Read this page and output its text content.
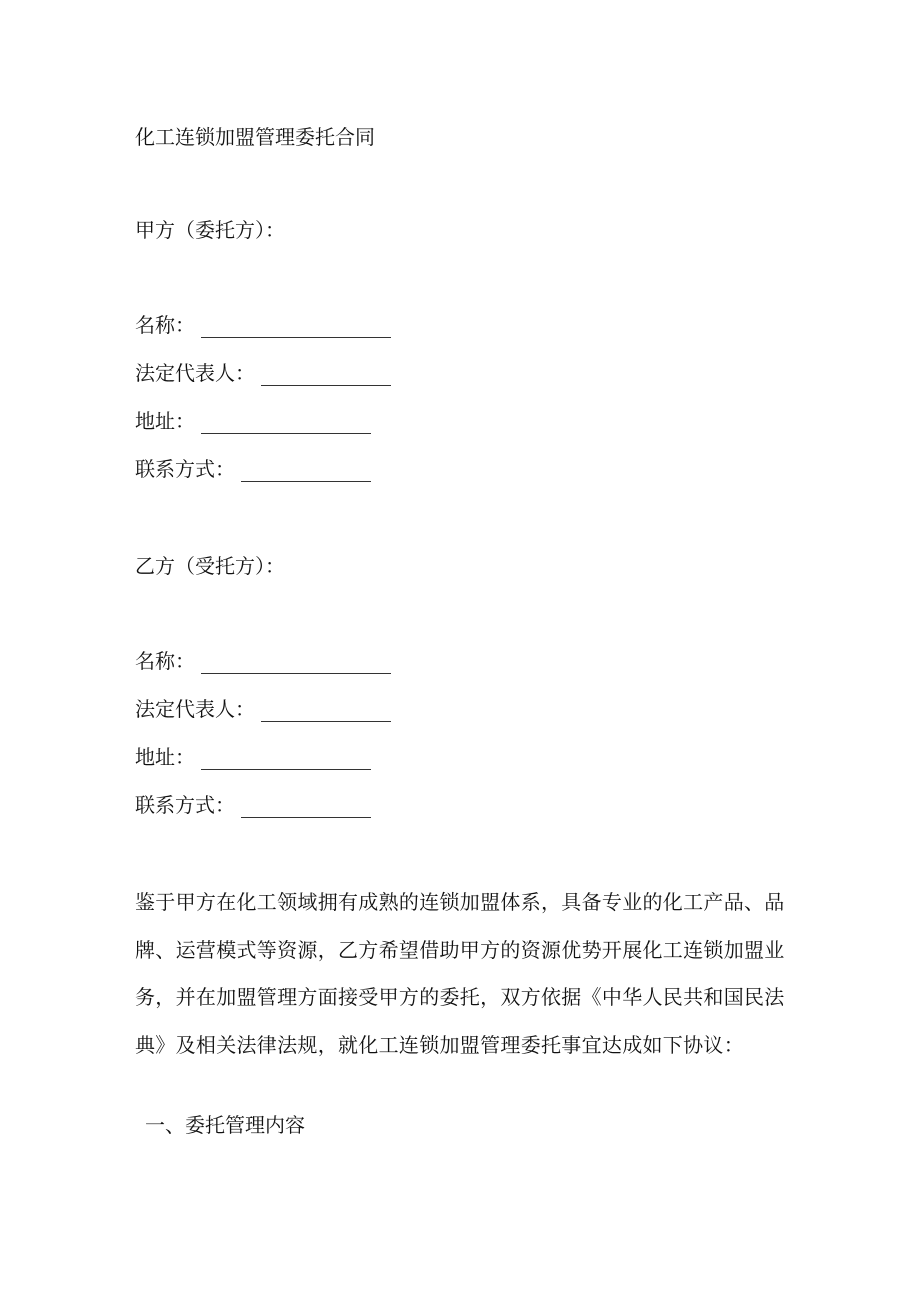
化工连锁加盟管理委托合同
甲方（委托方）：
名称：
法定代表人：
地址：
联系方式：
乙方（受托方）：
名称：
法定代表人：
地址：
联系方式：
鉴于甲方在化工领域拥有成熟的连锁加盟体系，具备专业的化工产品、品
牌、运营模式等资源，乙方希望借助甲方的资源优势开展化工连锁加盟业
务，并在加盟管理方面接受甲方的委托，双方依据《中华人民共和国民法
典》及相关法律法规，就化工连锁加盟管理委托事宜达成如下协议：
一、委托管理内容
